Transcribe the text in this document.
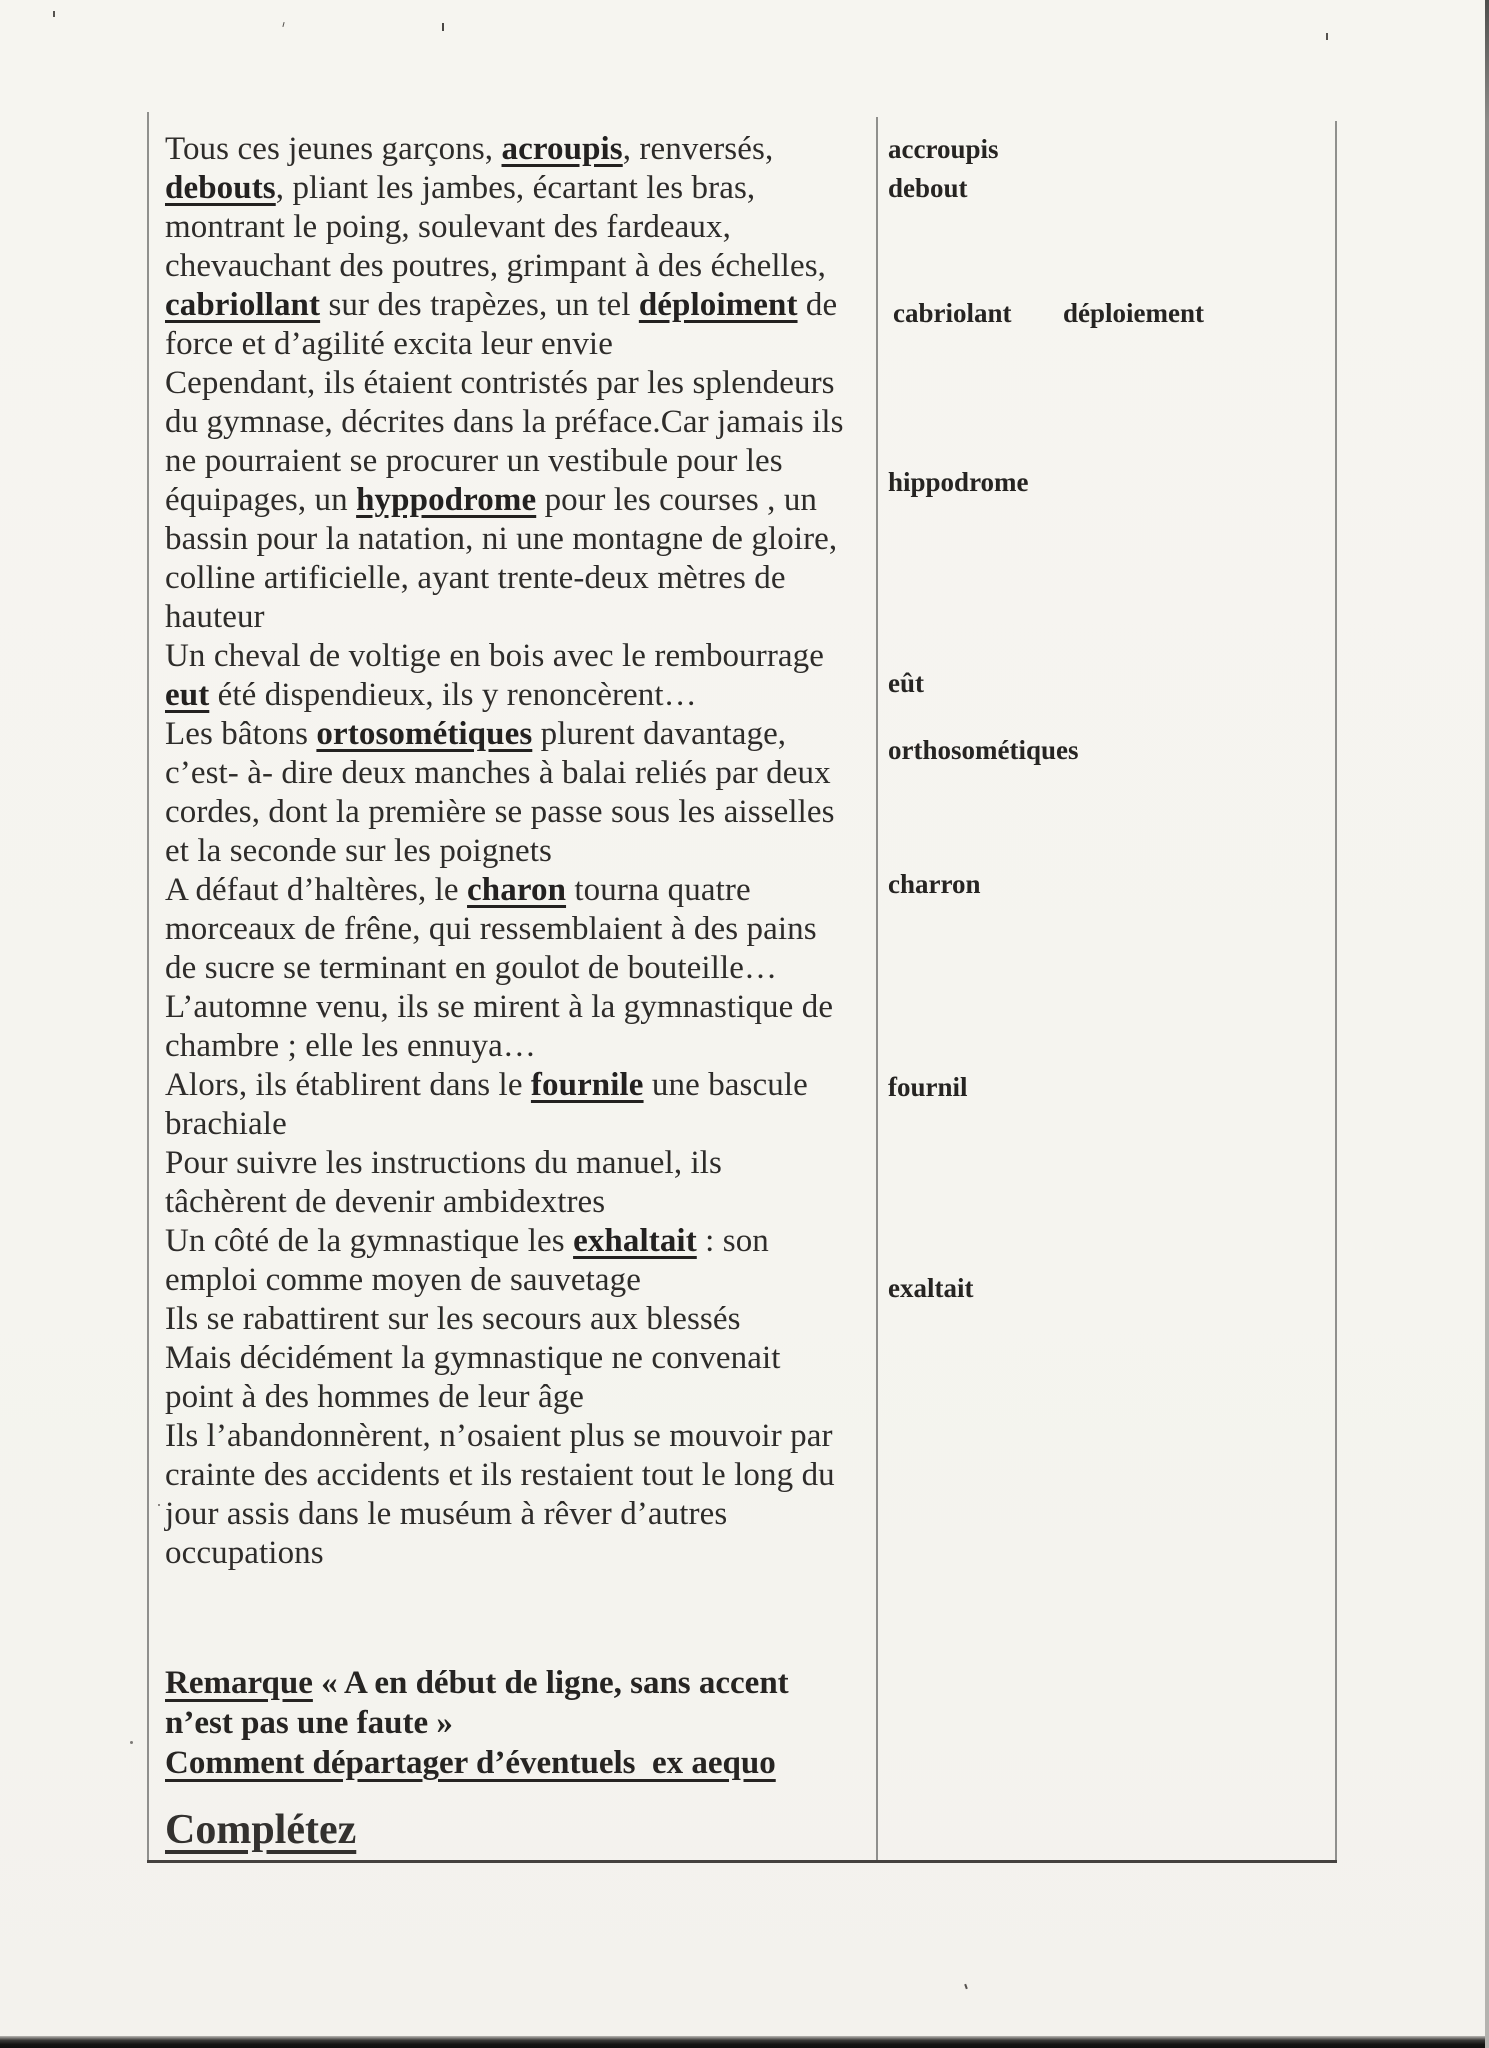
Tous ces jeunes garçons, acroupis, renversés,
debouts, pliant les jambes, écartant les bras,
montrant le poing, soulevant des fardeaux,
chevauchant des poutres, grimpant à des échelles,
cabriollant sur des trapèzes, un tel déploiment de
force et d’agilité excita leur envie
Cependant, ils étaient contristés par les splendeurs
du gymnase, décrites dans la préface.Car jamais ils
ne pourraient se procurer un vestibule pour les
équipages, un hyppodrome pour les courses , un
bassin pour la natation, ni une montagne de gloire,
colline artificielle, ayant trente-deux mètres de
hauteur
Un cheval de voltige en bois avec le rembourrage
eut été dispendieux, ils y renoncèrent…
Les bâtons ortosométiques plurent davantage,
c’est- à- dire deux manches à balai reliés par deux
cordes, dont la première se passe sous les aisselles
et la seconde sur les poignets
A défaut d’haltères, le charon tourna quatre
morceaux de frêne, qui ressemblaient à des pains
de sucre se terminant en goulot de bouteille…
L’automne venu, ils se mirent à la gymnastique de
chambre ; elle les ennuya…
Alors, ils établirent dans le fournile une bascule
brachiale
Pour suivre les instructions du manuel, ils
tâchèrent de devenir ambidextres
Un côté de la gymnastique les exhaltait : son
emploi comme moyen de sauvetage
Ils se rabattirent sur les secours aux blessés
Mais décidément la gymnastique ne convenait
point à des hommes de leur âge
Ils l’abandonnèrent, n’osaient plus se mouvoir par
crainte des accidents et ils restaient tout le long du
jour assis dans le muséum à rêver d’autres
occupations
accroupis
debout
cabriolant déploiement
hippodrome
eût
orthosométiques
charron
fournil
exaltait
Remarque « A en début de ligne, sans accent
n’est pas une faute »
Comment départager d’éventuels  ex aequo
Complétez
